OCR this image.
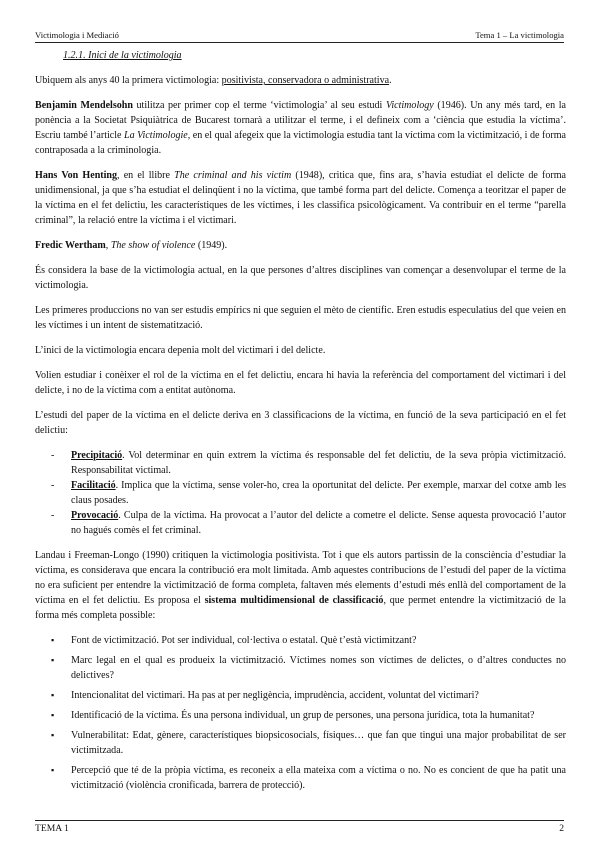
Victimologia i Mediació	Tema 1 – La victimologia
1.2.1. Inici de la victimologia

Ubiquem als anys 40 la primera victimologia: positivista, conservadora o administrativa.

Benjamin Mendelsohn utilitza per primer cop el terme ‘victimologia’ al seu estudi Victimology (1946). Un any més tard, en la ponència a la Societat Psiquiàtrica de Bucarest tornarà a utilitzar el terme, i el defineix com a ‘ciència que estudia la víctima’. Escriu també l’article La Victimologie, en el qual afegeix que la victimologia estudia tant la víctima com la victimització, i de forma contraposada a la criminologia.

Hans Von Henting, en el llibre The criminal and his victim (1948), critica que, fins ara, s’havia estudiat el delicte de forma unidimensional, ja que s’ha estudiat el delinqüent i no la víctima, que també forma part del delicte. Comença a teoritzar el paper de la víctima en el fet delictiu, les característiques de les víctimes, i les classifica psicològicament. Va contribuir en el terme “parella criminal”, la relació entre la víctima i el victimari.

Fredic Wertham, The show of violence (1949).

És considera la base de la victimologia actual, en la que persones d’altres disciplines van començar a desenvolupar el terme de la victimologia.

Les primeres produccions no van ser estudis empírics ni que seguien el mèto de científic. Eren estudis especulatius del que veien en les víctimes i un intent de sistematització.

L’inici de la victimologia encara depenia molt del victimari i del delicte.

Volien estudiar i conèixer el rol de la víctima en el fet delictiu, encara hi havia la referència del comportament del victimari i del delicte, i no de la víctima com a entitat autònoma.

L’estudi del paper de la víctima en el delicte deriva en 3 classificacions de la víctima, en funció de la seva participació en el fet delictiu:

- Precipitació. Vol determinar en quin extrem la víctima és responsable del fet delictiu, de la seva pròpia victimització. Responsabilitat victimal.
- Facilitació. Implica que la víctima, sense voler-ho, crea la oportunitat del delicte. Per exemple, marxar del cotxe amb les claus posades.
- Provocació. Culpa de la víctima. Ha provocat a l’autor del delicte a cometre el delicte. Sense aquesta provocació l’autor no hagués comès el fet criminal.

Landau i Freeman-Longo (1990) critiquen la victimologia positivista. Tot i que els autors partissin de la consciència d’estudiar la víctima, es considerava que encara la contribució era molt limitada. Amb aquestes contribucions de l’estudi del paper de la víctima no era suficient per entendre la victimització de forma completa, faltaven més elements d’estudi més enllà del comportament de la víctima en el fet delictiu. Es proposa el sistema multidimensional de classificació, que permet entendre la victimització de la forma més completa possible:

▪ Font de victimització. Pot ser individual, col·lectiva o estatal. Què t’està victimitzant?
▪ Marc legal en el qual es produeix la victimització. Víctimes nomes son víctimes de delictes, o d’altres conductes no delictives?
▪ Intencionalitat del victimari. Ha pas at per negligència, imprudència, accident, voluntat del victimari?
▪ Identificació de la víctima. És una persona individual, un grup de persones, una persona jurídica, tota la humanitat?
▪ Vulnerabilitat: Edat, gènere, característiques biopsicosocials, físiques… que fan que tingui una major probabilitat de ser victimitzada.
▪ Percepció que té de la pròpia víctima, es reconeix a ella mateixa com a víctima o no. No es concient de que ha patit una victimització (violència cronificada, barrera de protecció).
TEMA 1	2
